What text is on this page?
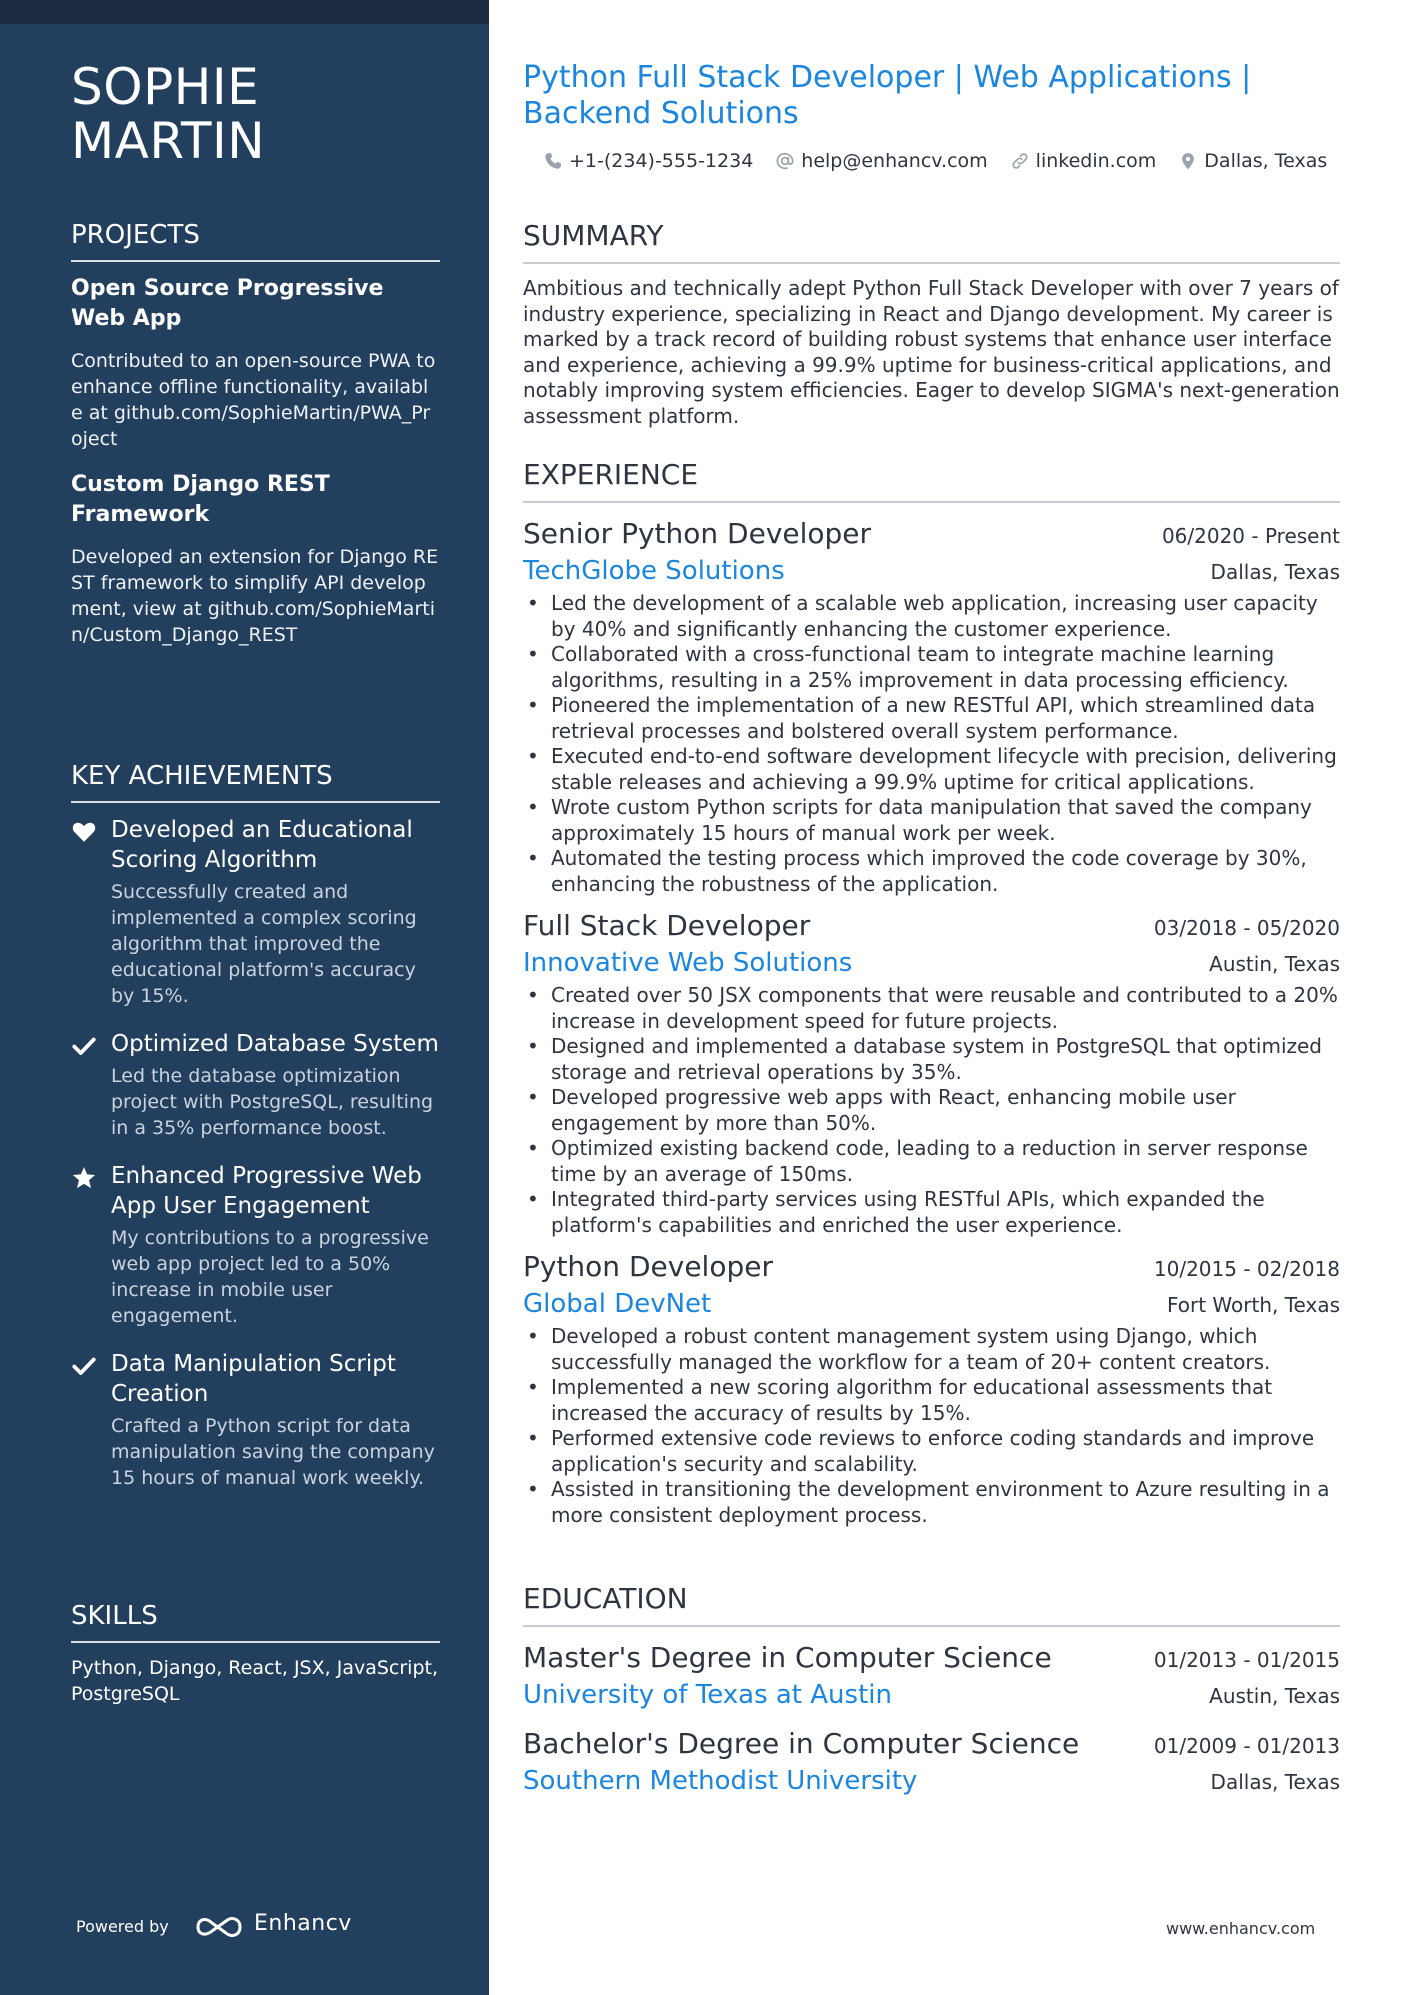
SOPHIE
MARTIN
PROJECTS
Open Source Progressive Web App
Contributed to an open-source PWA to enhance offline functionality, available at github.com/SophieMartin/PWA_Project
Custom Django REST Framework
Developed an extension for Django REST framework to simplify API development, view at github.com/SophieMartin/Custom_Django_REST
KEY ACHIEVEMENTS
Developed an Educational Scoring Algorithm
Successfully created and implemented a complex scoring algorithm that improved the educational platform's accuracy by 15%.
Optimized Database System
Led the database optimization project with PostgreSQL, resulting in a 35% performance boost.
Enhanced Progressive Web App User Engagement
My contributions to a progressive web app project led to a 50% increase in mobile user engagement.
Data Manipulation Script Creation
Crafted a Python script for data manipulation saving the company 15 hours of manual work weekly.
SKILLS
Python, Django, React, JSX, JavaScript, PostgreSQL
Powered by	Enhancv
Python Full Stack Developer | Web Applications | Backend Solutions
+1-(234)-555-1234	help@enhancv.com	linkedin.com	Dallas, Texas
SUMMARY
Ambitious and technically adept Python Full Stack Developer with over 7 years of industry experience, specializing in React and Django development. My career is marked by a track record of building robust systems that enhance user interface and experience, achieving a 99.9% uptime for business-critical applications, and notably improving system efficiencies. Eager to develop SIGMA's next-generation assessment platform.
EXPERIENCE
Senior Python Developer	06/2020 - Present
TechGlobe Solutions	Dallas, Texas
• Led the development of a scalable web application, increasing user capacity by 40% and significantly enhancing the customer experience.
• Collaborated with a cross-functional team to integrate machine learning algorithms, resulting in a 25% improvement in data processing efficiency.
• Pioneered the implementation of a new RESTful API, which streamlined data retrieval processes and bolstered overall system performance.
• Executed end-to-end software development lifecycle with precision, delivering stable releases and achieving a 99.9% uptime for critical applications.
• Wrote custom Python scripts for data manipulation that saved the company approximately 15 hours of manual work per week.
• Automated the testing process which improved the code coverage by 30%, enhancing the robustness of the application.
Full Stack Developer	03/2018 - 05/2020
Innovative Web Solutions	Austin, Texas
• Created over 50 JSX components that were reusable and contributed to a 20% increase in development speed for future projects.
• Designed and implemented a database system in PostgreSQL that optimized storage and retrieval operations by 35%.
• Developed progressive web apps with React, enhancing mobile user engagement by more than 50%.
• Optimized existing backend code, leading to a reduction in server response time by an average of 150ms.
• Integrated third-party services using RESTful APIs, which expanded the platform's capabilities and enriched the user experience.
Python Developer	10/2015 - 02/2018
Global DevNet	Fort Worth, Texas
• Developed a robust content management system using Django, which successfully managed the workflow for a team of 20+ content creators.
• Implemented a new scoring algorithm for educational assessments that increased the accuracy of results by 15%.
• Performed extensive code reviews to enforce coding standards and improve application's security and scalability.
• Assisted in transitioning the development environment to Azure resulting in a more consistent deployment process.
EDUCATION
Master's Degree in Computer Science	01/2013 - 01/2015
University of Texas at Austin	Austin, Texas
Bachelor's Degree in Computer Science	01/2009 - 01/2013
Southern Methodist University	Dallas, Texas
www.enhancv.com
